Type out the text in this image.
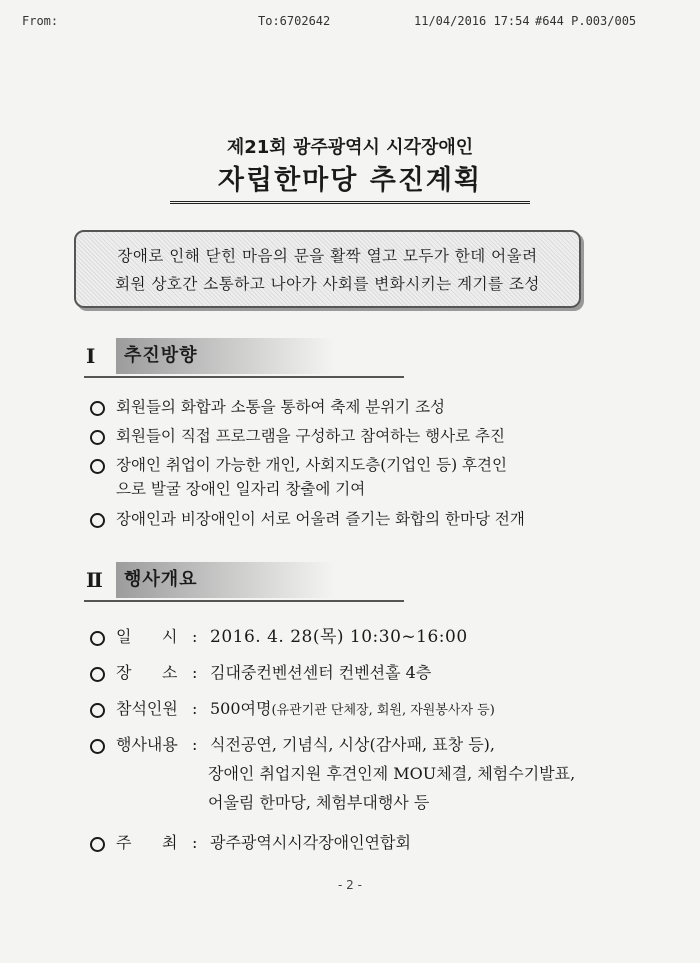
From:	To:6702642	11/04/2016 17:54 #644 P.003/005
제21회 광주광역시 시각장애인
자립한마당 추진계획
장애로 인해 닫힌 마음의 문을 활짝 열고 모두가 한데 어울려
회원 상호간 소통하고 나아가 사회를 변화시키는 계기를 조성
Ⅰ	추진방향
회원들의 화합과 소통을 통하여 축제 분위기 조성
회원들이 직접 프로그램을 구성하고 참여하는 행사로 추진
장애인 취업이 가능한 개인, 사회지도층(기업인 등) 후견인
으로 발굴 장애인 일자리 창출에 기여
장애인과 비장애인이 서로 어울려 즐기는 화합의 한마당 전개
Ⅱ	행사개요
일      시 : 2016. 4. 28(목) 10:30~16:00
장      소 : 김대중컨벤션센터 컨벤션홀 4층
참석인원 : 500여명(유관기관 단체장, 회원, 자원봉사자 등)
행사내용 : 식전공연, 기념식, 시상(감사패, 표창 등),
장애인 취업지원 후견인제 MOU체결, 체험수기발표,
어울림 한마당, 체험부대행사 등
주      최 : 광주광역시시각장애인연합회
- 2 -
